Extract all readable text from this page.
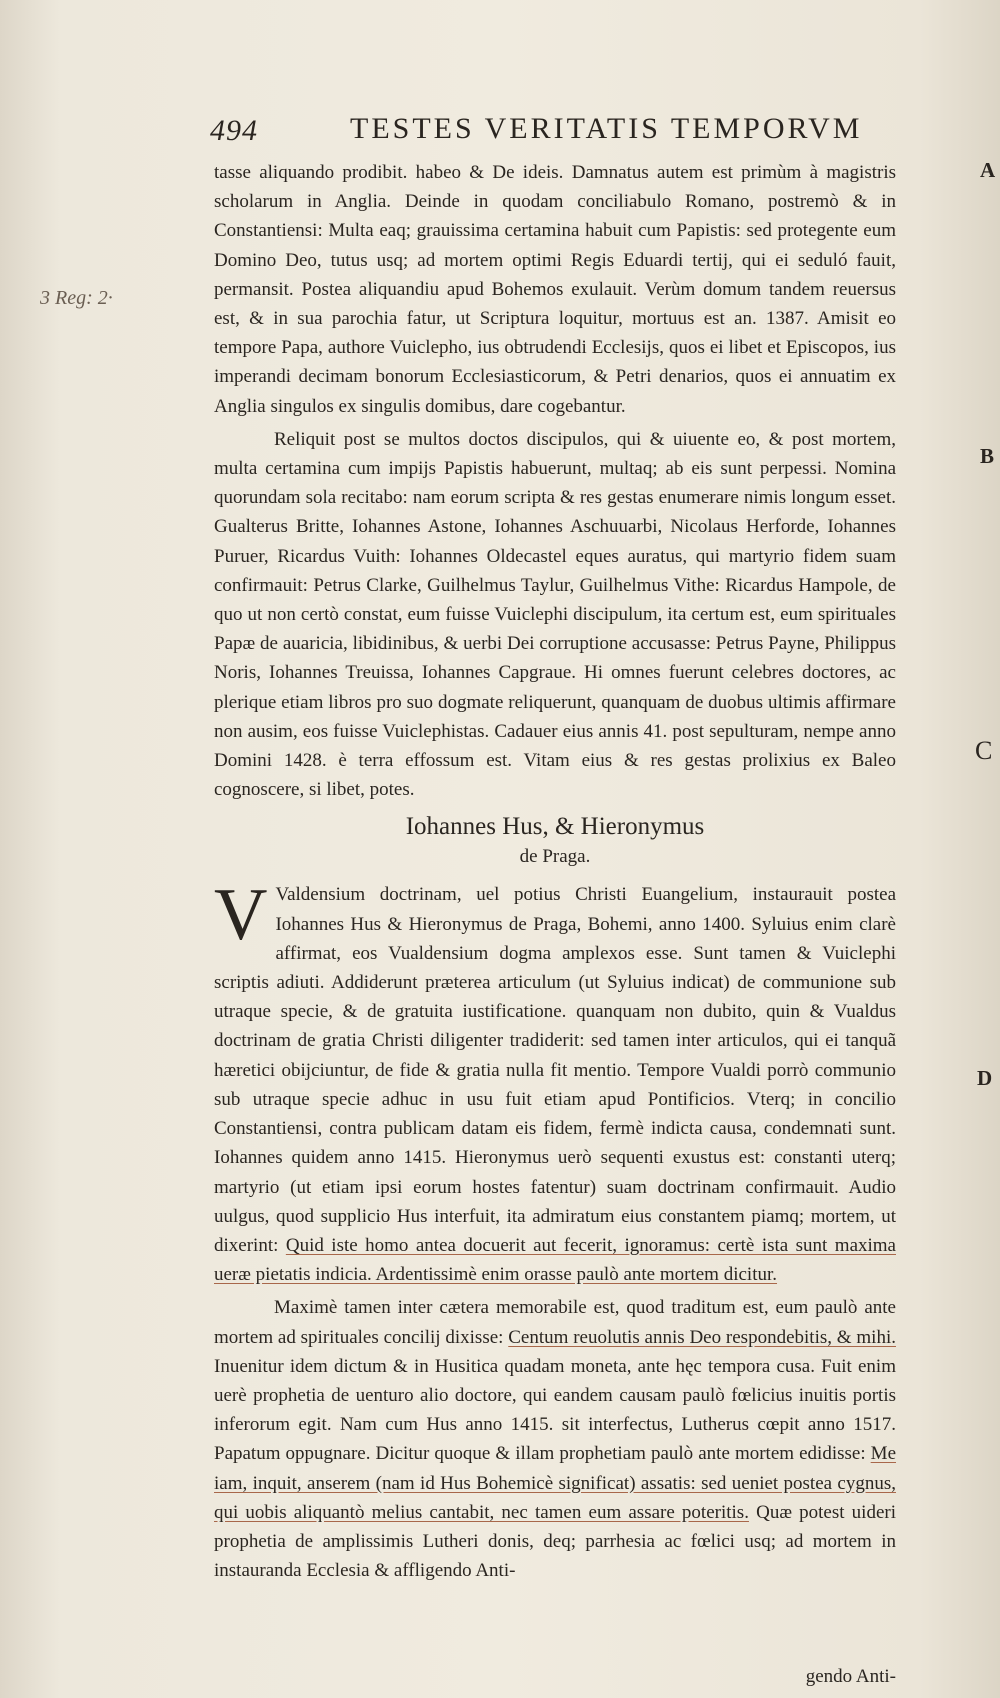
494	TESTES VERITATIS TEMPORVM
3 Reg: 2·
A
B
C
D

tasse aliquando prodibit. habeo & De ideis. Damnatus autem est primùm à magistris scholarum in Anglia. Deinde in quodam conciliabulo Romano, postremò & in Constantiensi: Multa eaq; grauissima certamina habuit cum Papistis: sed protegente eum Domino Deo, tutus usq; ad mortem optimi Regis Eduardi tertij, qui ei seduló fauit, permansit. Postea aliquandiu apud Bohemos exulauit. Verùm domum tandem reuersus est, & in sua parochia fatur, ut Scriptura loquitur, mortuus est an. 1387. Amisit eo tempore Papa, authore Vuiclepho, ius obtrudendi Ecclesijs, quos ei libet et Episcopos, ius imperandi decimam bonorum Ecclesiasticorum, & Petri denarios, quos ei annuatim ex Anglia singulos ex singulis domibus, dare cogebantur.

Reliquit post se multos doctos discipulos, qui & uiuente eo, & post mortem, multa certamina cum impijs Papistis habuerunt, multaq; ab eis sunt perpessi. Nomina quorundam sola recitabo: nam eorum scripta & res gestas enumerare nimis longum esset. Gualterus Britte, Iohannes Astone, Iohannes Aschuuarbi, Nicolaus Herforde, Iohannes Puruer, Ricardus Vuith: Iohannes Oldecastel eques auratus, qui martyrio fidem suam confirmauit: Petrus Clarke, Guilhelmus Taylur, Guilhelmus Vithe: Ricardus Hampole, de quo ut non certò constat, eum fuisse Vuiclephi discipulum, ita certum est, eum spirituales Papæ de auaricia, libidinibus, & uerbi Dei corruptione accusasse: Petrus Payne, Philippus Noris, Iohannes Treuissa, Iohannes Capgraue. Hi omnes fuerunt celebres doctores, ac plerique etiam libros pro suo dogmate reliquerunt, quanquam de duobus ultimis affirmare non ausim, eos fuisse Vuiclephistas. Cadauer eius annis 41. post sepulturam, nempe anno Domini 1428. è terra effossum est. Vitam eius & res gestas prolixius ex Baleo cognoscere, si libet, potes.

Iohannes Hus, & Hieronymus
de Praga.

VValdensium doctrinam, uel potius Christi Euangelium, instaurauit postea Iohannes Hus & Hieronymus de Praga, Bohemi, anno 1400. Syluius enim clarè affirmat, eos Vualdensium dogma amplexos esse. Sunt tamen & Vuiclephi scriptis adiuti. Addiderunt præterea articulum (ut Syluius indicat) de communione sub utraque specie, & de gratuita iustificatione. quanquam non dubito, quin & Vualdus doctrinam de gratia Christi diligenter tradiderit: sed tamen inter articulos, qui ei tanquã hæretici obijciuntur, de fide & gratia nulla fit mentio. Tempore Vualdi porrò communio sub utraque specie adhuc in usu fuit etiam apud Pontificios. Vterq; in concilio Constantiensi, contra publicam datam eis fidem, fermè indicta causa, condemnati sunt. Iohannes quidem anno 1415. Hieronymus uerò sequenti exustus est: constanti uterq; martyrio (ut etiam ipsi eorum hostes fatentur) suam doctrinam confirmauit. Audio uulgus, quod supplicio Hus interfuit, ita admiratum eius constantem piamq; mortem, ut dixerint: Quid iste homo antea docuerit aut fecerit, ignoramus: certè ista sunt maxima ueræ pietatis indicia. Ardentissimè enim orasse paulò ante mortem dicitur.

Maximè tamen inter cætera memorabile est, quod traditum est, eum paulò ante mortem ad spirituales concilij dixisse: Centum reuolutis annis Deo respondebitis, & mihi. Inuenitur idem dictum & in Husitica quadam moneta, ante hęc tempora cusa. Fuit enim uerè prophetia de uenturo alio doctore, qui eandem causam paulò fœlicius inuitis portis inferorum egit. Nam cum Hus anno 1415. sit interfectus, Lutherus cœpit anno 1517. Papatum oppugnare. Dicitur quoque & illam prophetiam paulò ante mortem edidisse: Me iam, inquit, anserem (nam id Hus Bohemicè significat) assatis: sed ueniet postea cygnus, qui uobis aliquantò melius cantabit, nec tamen eum assare poteritis. Quæ potest uideri prophetia de amplissimis Lutheri donis, deq; parrhesia ac fœlici usq; ad mortem in instauranda Ecclesia & affligendo Anti-

gendo Anti-
